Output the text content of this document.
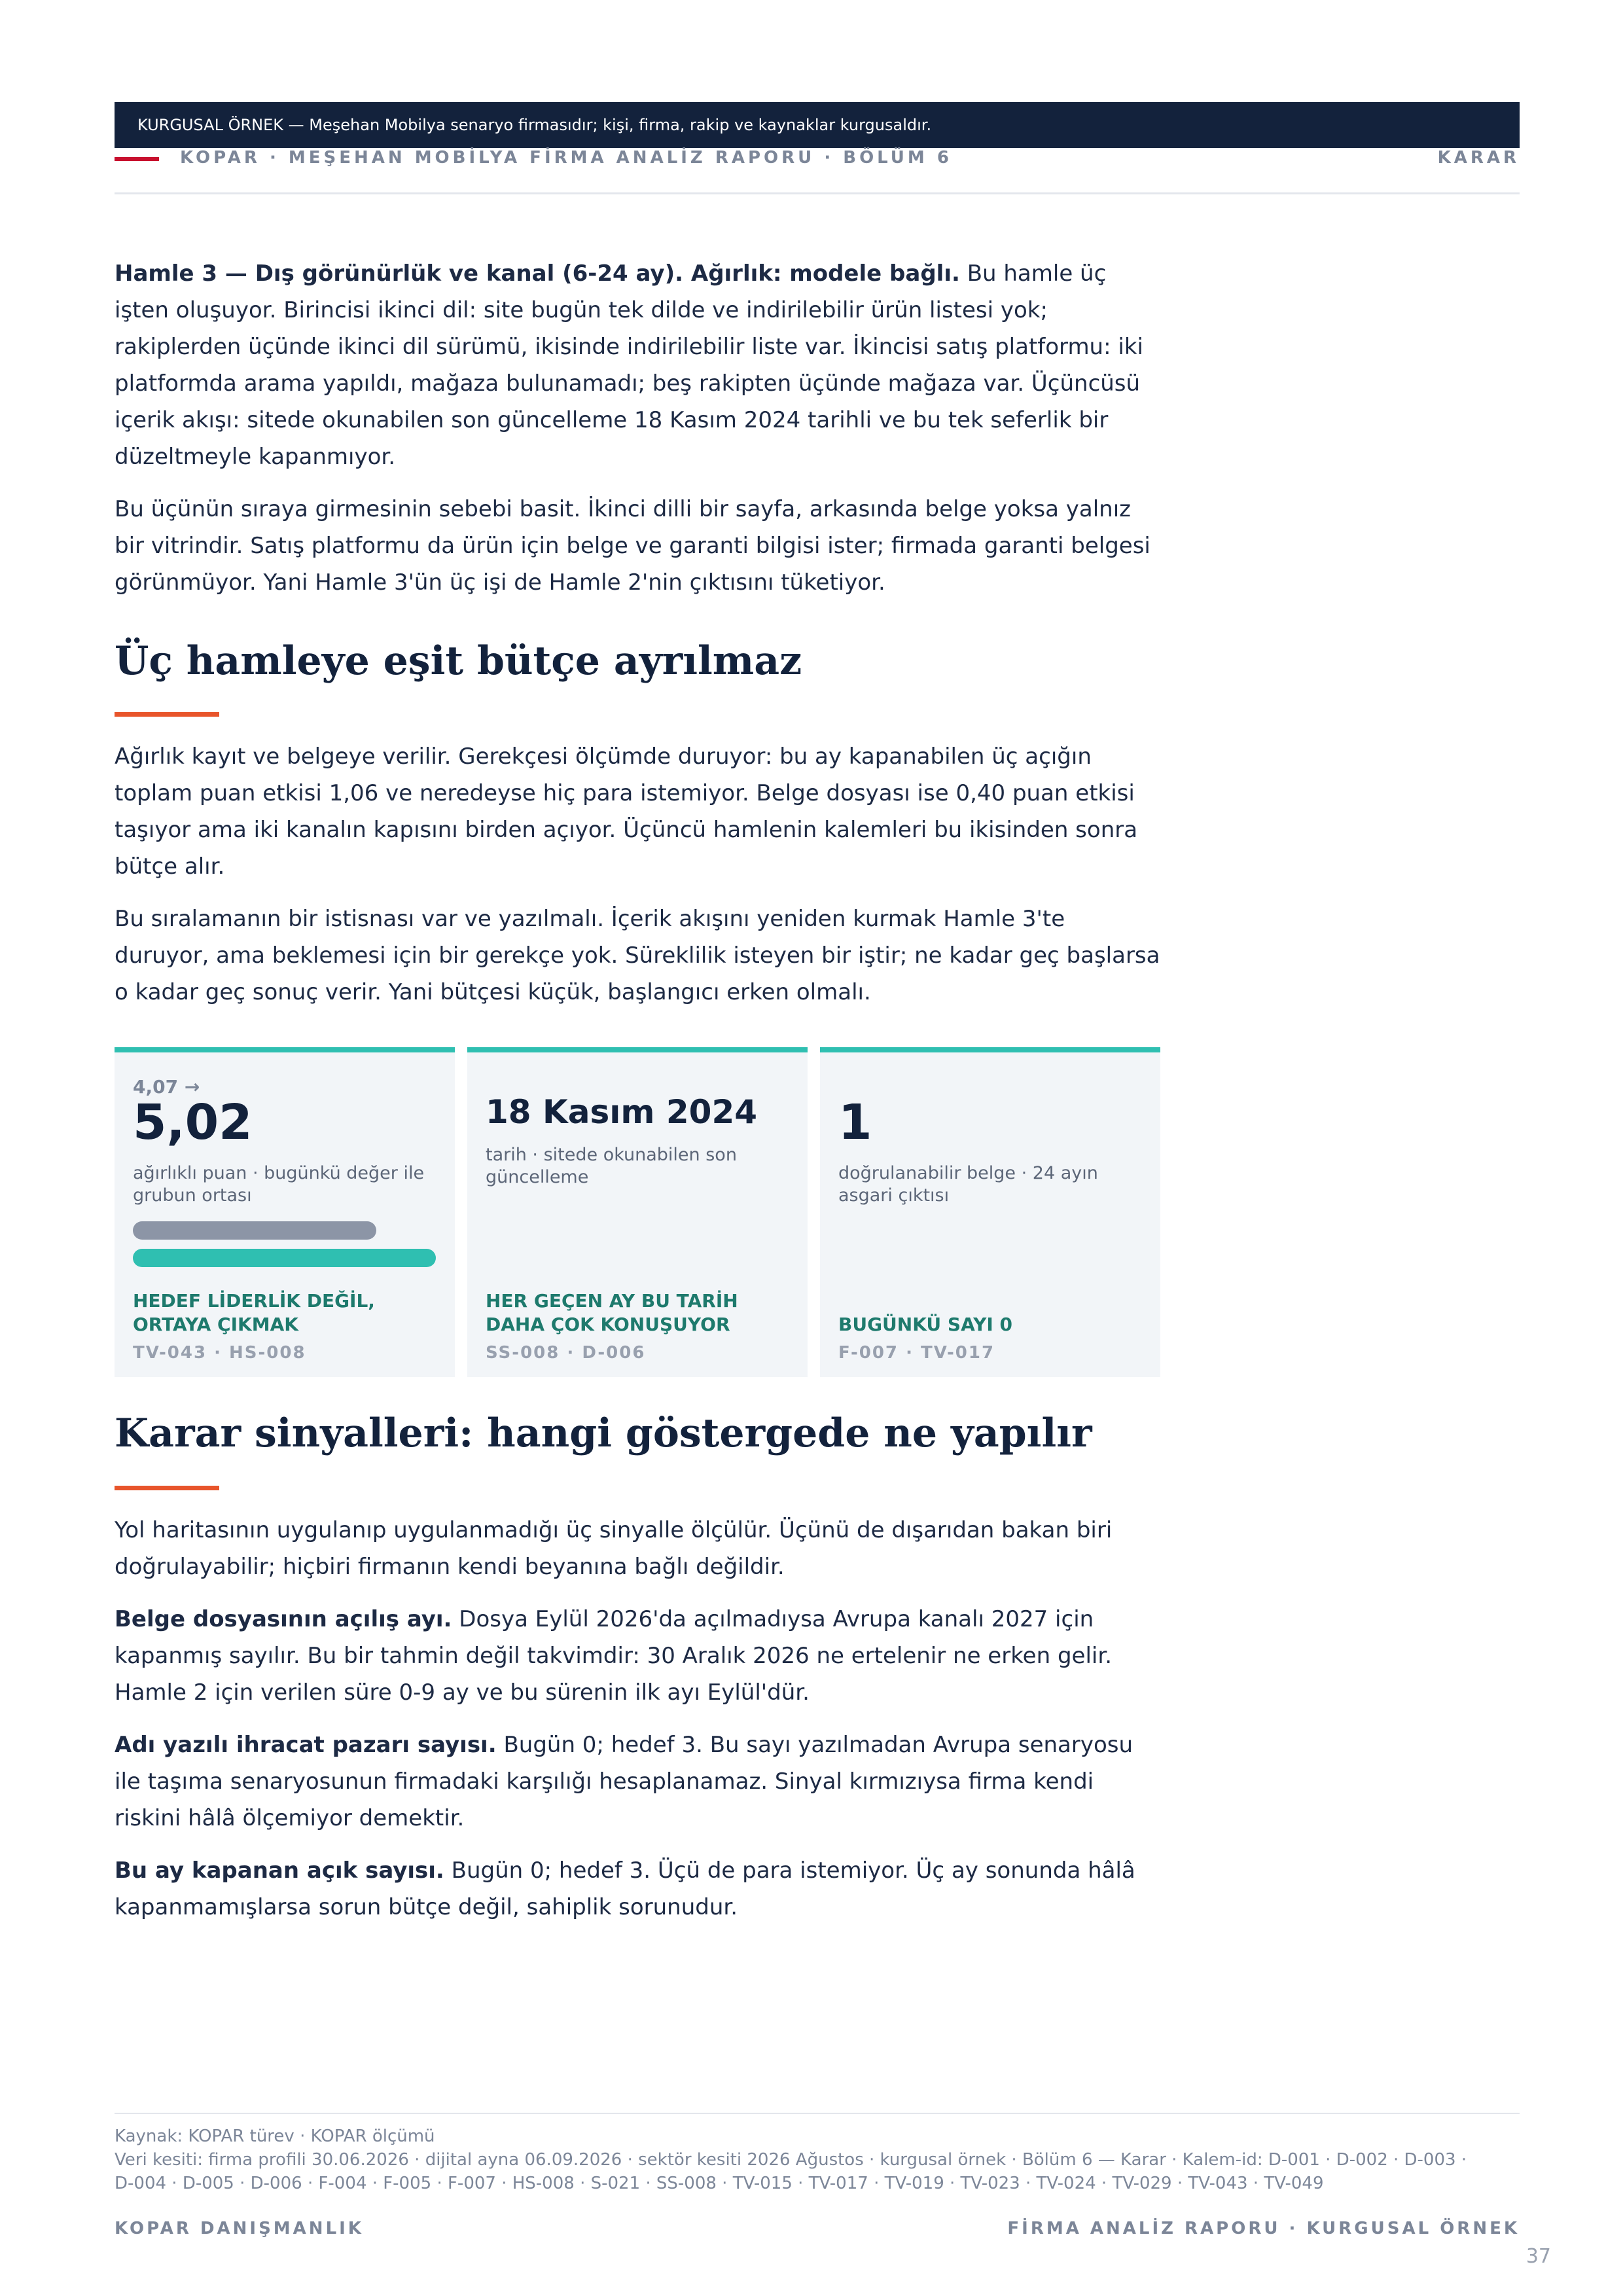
KURGUSAL ÖRNEK — Meşehan Mobilya senaryo firmasıdır; kişi, firma, rakip ve kaynaklar kurgusaldır.
KOPAR · MEŞEHAN MOBİLYA FİRMA ANALİZ RAPORU · BÖLÜM 6	KARAR

Hamle 3 — Dış görünürlük ve kanal (6-24 ay). Ağırlık: modele bağlı. Bu hamle üç işten oluşuyor. Birincisi ikinci dil: site bugün tek dilde ve indirilebilir ürün listesi yok; rakiplerden üçünde ikinci dil sürümü, ikisinde indirilebilir liste var. İkincisi satış platformu: iki platformda arama yapıldı, mağaza bulunamadı; beş rakipten üçünde mağaza var. Üçüncüsü içerik akışı: sitede okunabilen son güncelleme 18 Kasım 2024 tarihli ve bu tek seferlik bir düzeltmeyle kapanmıyor.

Bu üçünün sıraya girmesinin sebebi basit. İkinci dilli bir sayfa, arkasında belge yoksa yalnız bir vitrindir. Satış platformu da ürün için belge ve garanti bilgisi ister; firmada garanti belgesi görünmüyor. Yani Hamle 3'ün üç işi de Hamle 2'nin çıktısını tüketiyor.

Üç hamleye eşit bütçe ayrılmaz

Ağırlık kayıt ve belgeye verilir. Gerekçesi ölçümde duruyor: bu ay kapanabilen üç açığın toplam puan etkisi 1,06 ve neredeyse hiç para istemiyor. Belge dosyası ise 0,40 puan etkisi taşıyor ama iki kanalın kapısını birden açıyor. Üçüncü hamlenin kalemleri bu ikisinden sonra bütçe alır.

Bu sıralamanın bir istisnası var ve yazılmalı. İçerik akışını yeniden kurmak Hamle 3'te duruyor, ama beklemesi için bir gerekçe yok. Süreklilik isteyen bir iştir; ne kadar geç başlarsa o kadar geç sonuç verir. Yani bütçesi küçük, başlangıcı erken olmalı.

4,07 →
5,02
ağırlıklı puan · bugünkü değer ile grubun ortası
HEDEF LİDERLİK DEĞİL, ORTAYA ÇIKMAK
TV-043 · HS-008
18 Kasım 2024
tarih · sitede okunabilen son güncelleme
HER GEÇEN AY BU TARİH DAHA ÇOK KONUŞUYOR
SS-008 · D-006
1
doğrulanabilir belge · 24 ayın asgari çıktısı
BUGÜNKÜ SAYI 0
F-007 · TV-017
Karar sinyalleri: hangi göstergede ne yapılır

Yol haritasının uygulanıp uygulanmadığı üç sinyalle ölçülür. Üçünü de dışarıdan bakan biri doğrulayabilir; hiçbiri firmanın kendi beyanına bağlı değildir.

Belge dosyasının açılış ayı. Dosya Eylül 2026'da açılmadıysa Avrupa kanalı 2027 için kapanmış sayılır. Bu bir tahmin değil takvimdir: 30 Aralık 2026 ne ertelenir ne erken gelir. Hamle 2 için verilen süre 0-9 ay ve bu sürenin ilk ayı Eylül'dür.

Adı yazılı ihracat pazarı sayısı. Bugün 0; hedef 3. Bu sayı yazılmadan Avrupa senaryosu ile taşıma senaryosunun firmadaki karşılığı hesaplanamaz. Sinyal kırmızıysa firma kendi riskini hâlâ ölçemiyor demektir.

Bu ay kapanan açık sayısı. Bugün 0; hedef 3. Üçü de para istemiyor. Üç ay sonunda hâlâ kapanmamışlarsa sorun bütçe değil, sahiplik sorunudur.

Kaynak: KOPAR türev · KOPAR ölçümü
Veri kesiti: firma profili 30.06.2026 · dijital ayna 06.09.2026 · sektör kesiti 2026 Ağustos · kurgusal örnek · Bölüm 6 — Karar · Kalem-id: D-001 · D-002 · D-003 · D-004 · D-005 · D-006 · F-004 · F-005 · F-007 · HS-008 · S-021 · SS-008 · TV-015 · TV-017 · TV-019 · TV-023 · TV-024 · TV-029 · TV-043 · TV-049
KOPAR DANIŞMANLIK	FİRMA ANALİZ RAPORU · KURGUSAL ÖRNEK
37
